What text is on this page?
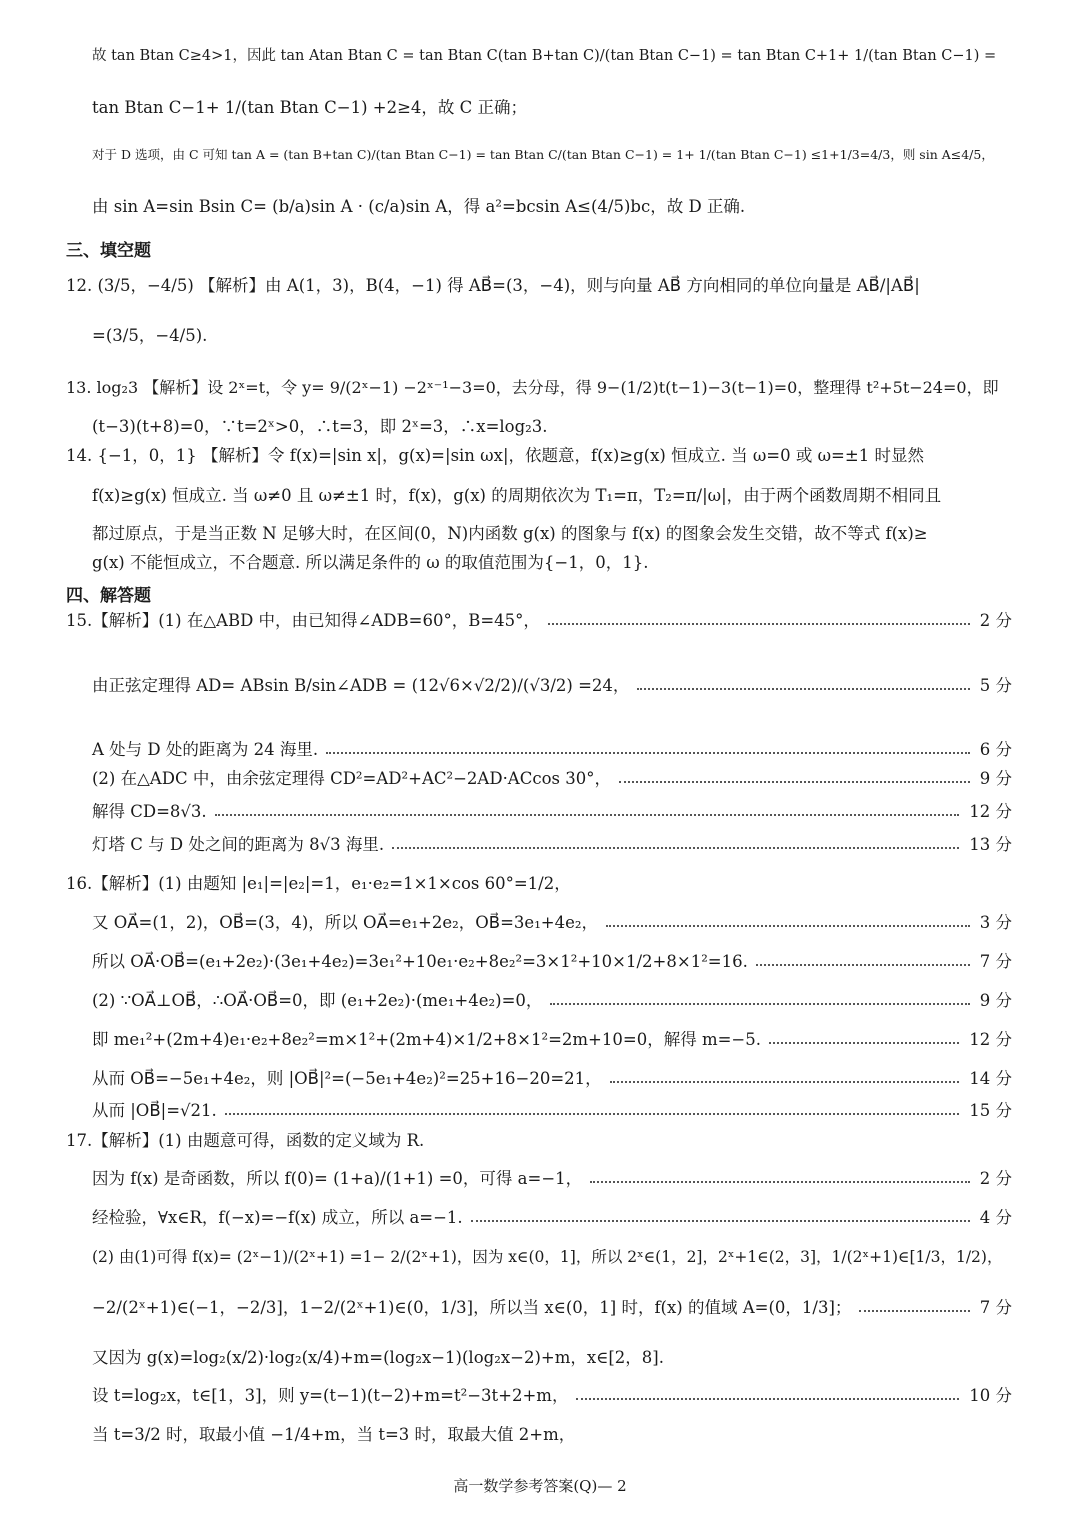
故 tan Btan C≥4>1，因此 tan Atan Btan C = tan Btan C(tan B+tan C)/(tan Btan C−1) = tan Btan C+1+ 1/(tan Btan C−1) =
tan Btan C−1+ 1/(tan Btan C−1) +2≥4，故 C 正确；
对于 D 选项，由 C 可知 tan A = (tan B+tan C)/(tan Btan C−1) = tan Btan C/(tan Btan C−1) = 1+ 1/(tan Btan C−1) ≤1+1/3=4/3，则 sin A≤4/5，
由 sin A=sin Bsin C= (b/a)sin A · (c/a)sin A，得 a²=bcsin A≤(4/5)bc，故 D 正确.
三、填空题
12. (3/5，−4/5) 【解析】由 A(1，3)，B(4，−1) 得 AB⃗=(3，−4)，则与向量 AB⃗ 方向相同的单位向量是 AB⃗/|AB⃗|
=(3/5，−4/5).
13. log₂3 【解析】设 2ˣ=t，令 y= 9/(2ˣ−1) −2ˣ⁻¹−3=0，去分母，得 9−(1/2)t(t−1)−3(t−1)=0，整理得 t²+5t−24=0，即
(t−3)(t+8)=0，∵t=2ˣ>0，∴t=3，即 2ˣ=3，∴x=log₂3.
14. {−1，0，1} 【解析】令 f(x)=|sin x|，g(x)=|sin ωx|，依题意，f(x)≥g(x) 恒成立. 当 ω=0 或 ω=±1 时显然
f(x)≥g(x) 恒成立. 当 ω≠0 且 ω≠±1 时，f(x)，g(x) 的周期依次为 T₁=π，T₂=π/|ω|，由于两个函数周期不相同且
都过原点，于是当正数 N 足够大时，在区间(0，N)内函数 g(x) 的图象与 f(x) 的图象会发生交错，故不等式 f(x)≥
g(x) 不能恒成立，不合题意. 所以满足条件的 ω 的取值范围为{−1，0，1}.
四、解答题
15.【解析】(1) 在△ABD 中，由已知得∠ADB=60°，B=45°，	2 分
由正弦定理得 AD= ABsin B/sin∠ADB = (12√6×√2/2)/(√3/2) =24，	5 分
A 处与 D 处的距离为 24 海里.	6 分
(2) 在△ADC 中，由余弦定理得 CD²=AD²+AC²−2AD·ACcos 30°，	9 分
解得 CD=8√3.	12 分
灯塔 C 与 D 处之间的距离为 8√3 海里.	13 分
16.【解析】(1) 由题知 |e₁|=|e₂|=1，e₁·e₂=1×1×cos 60°=1/2，
又 OA⃗=(1，2)，OB⃗=(3，4)，所以 OA⃗=e₁+2e₂，OB⃗=3e₁+4e₂，	3 分
所以 OA⃗·OB⃗=(e₁+2e₂)·(3e₁+4e₂)=3e₁²+10e₁·e₂+8e₂²=3×1²+10×1/2+8×1²=16.	7 分
(2) ∵OA⃗⊥OB⃗，∴OA⃗·OB⃗=0，即 (e₁+2e₂)·(me₁+4e₂)=0，	9 分
即 me₁²+(2m+4)e₁·e₂+8e₂²=m×1²+(2m+4)×1/2+8×1²=2m+10=0，解得 m=−5.	12 分
从而 OB⃗=−5e₁+4e₂，则 |OB⃗|²=(−5e₁+4e₂)²=25+16−20=21，	14 分
从而 |OB⃗|=√21.	15 分
17.【解析】(1) 由题意可得，函数的定义域为 R.
因为 f(x) 是奇函数，所以 f(0)= (1+a)/(1+1) =0，可得 a=−1，	2 分
经检验，∀x∈R，f(−x)=−f(x) 成立，所以 a=−1.	4 分
(2) 由(1)可得 f(x)= (2ˣ−1)/(2ˣ+1) =1− 2/(2ˣ+1)，因为 x∈(0，1]，所以 2ˣ∈(1，2]，2ˣ+1∈(2，3]，1/(2ˣ+1)∈[1/3，1/2)，
−2/(2ˣ+1)∈(−1，−2/3]，1−2/(2ˣ+1)∈(0，1/3]，所以当 x∈(0，1] 时，f(x) 的值域 A=(0，1/3]；	7 分
又因为 g(x)=log₂(x/2)·log₂(x/4)+m=(log₂x−1)(log₂x−2)+m，x∈[2，8].
设 t=log₂x，t∈[1，3]，则 y=(t−1)(t−2)+m=t²−3t+2+m，	10 分
当 t=3/2 时，取最小值 −1/4+m，当 t=3 时，取最大值 2+m，
高一数学参考答案(Q)— 2
